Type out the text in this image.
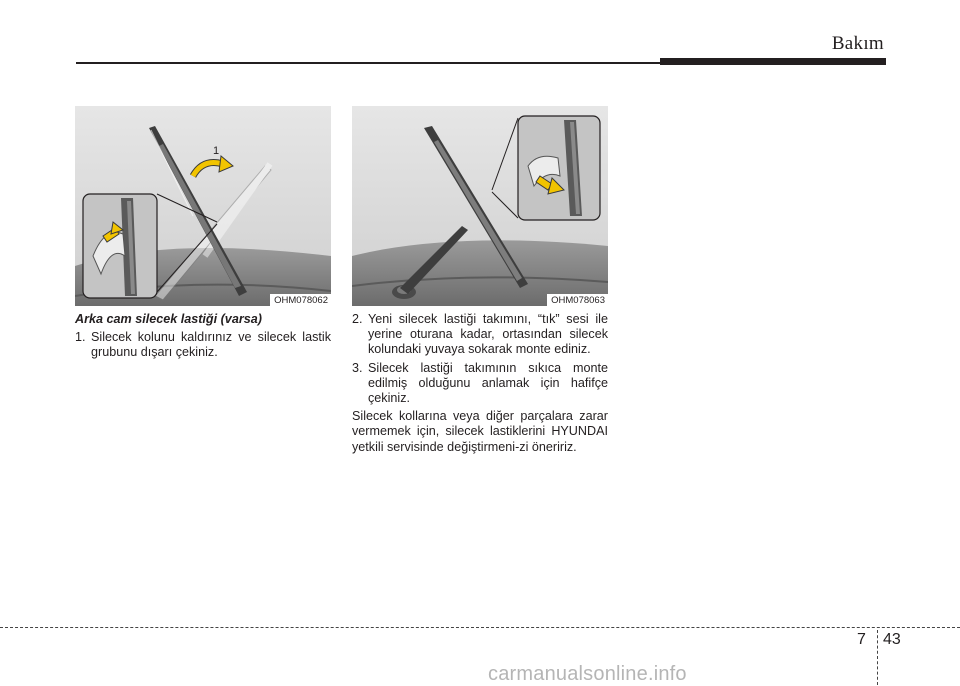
Bakım
1
OHM078062	OHM078063

Arka cam silecek lastiği (varsa)

1. Silecek kolunu kaldırınız ve silecek lastik grubunu dışarı çekiniz.
2. Yeni silecek lastiği takımını, “tık” sesi ile yerine oturana kadar, ortasından silecek kolundaki yuvaya sokarak monte ediniz.
3. Silecek lastiği takımının sıkıca monte edilmiş olduğunu anlamak için hafifçe çekiniz.

Silecek kollarına veya diğer parçalara zarar vermemek için, silecek lastiklerini HYUNDAI yetkili servisinde değiştirmeni-zi öneririz.

7 43
carmanualsonline.info
